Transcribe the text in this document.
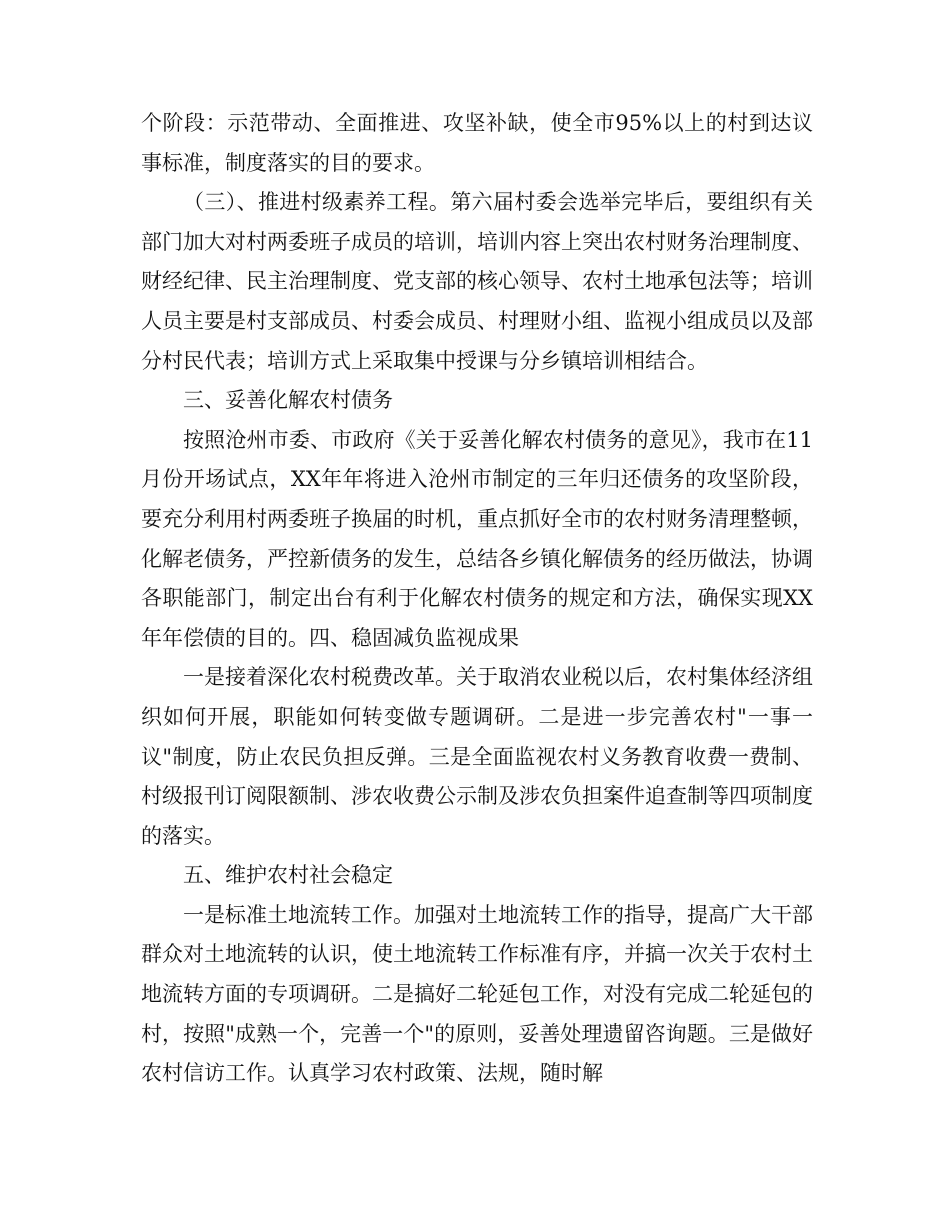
个阶段：示范带动、全面推进、攻坚补缺，使全市95%以上的村到达议事标准，制度落实的目的要求。

（三）、推进村级素养工程。第六届村委会选举完毕后，要组织有关部门加大对村两委班子成员的培训，培训内容上突出农村财务治理制度、财经纪律、民主治理制度、党支部的核心领导、农村土地承包法等；培训人员主要是村支部成员、村委会成员、村理财小组、监视小组成员以及部分村民代表；培训方式上采取集中授课与分乡镇培训相结合。

三、妥善化解农村债务

按照沧州市委、市政府《关于妥善化解农村债务的意见》，我市在11月份开场试点，XX年年将进入沧州市制定的三年归还债务的攻坚阶段，要充分利用村两委班子换届的时机，重点抓好全市的农村财务清理整顿，化解老债务，严控新债务的发生，总结各乡镇化解债务的经历做法，协调各职能部门，制定出台有利于化解农村债务的规定和方法，确保实现XX年年偿债的目的。四、稳固减负监视成果

一是接着深化农村税费改革。关于取消农业税以后，农村集体经济组织如何开展，职能如何转变做专题调研。二是进一步完善农村"一事一议"制度，防止农民负担反弹。三是全面监视农村义务教育收费一费制、村级报刊订阅限额制、涉农收费公示制及涉农负担案件追查制等四项制度的落实。

五、维护农村社会稳定

一是标准土地流转工作。加强对土地流转工作的指导，提高广大干部群众对土地流转的认识，使土地流转工作标准有序，并搞一次关于农村土地流转方面的专项调研。二是搞好二轮延包工作，对没有完成二轮延包的村，按照"成熟一个，完善一个"的原则，妥善处理遗留咨询题。三是做好农村信访工作。认真学习农村政策、法规，随时解
